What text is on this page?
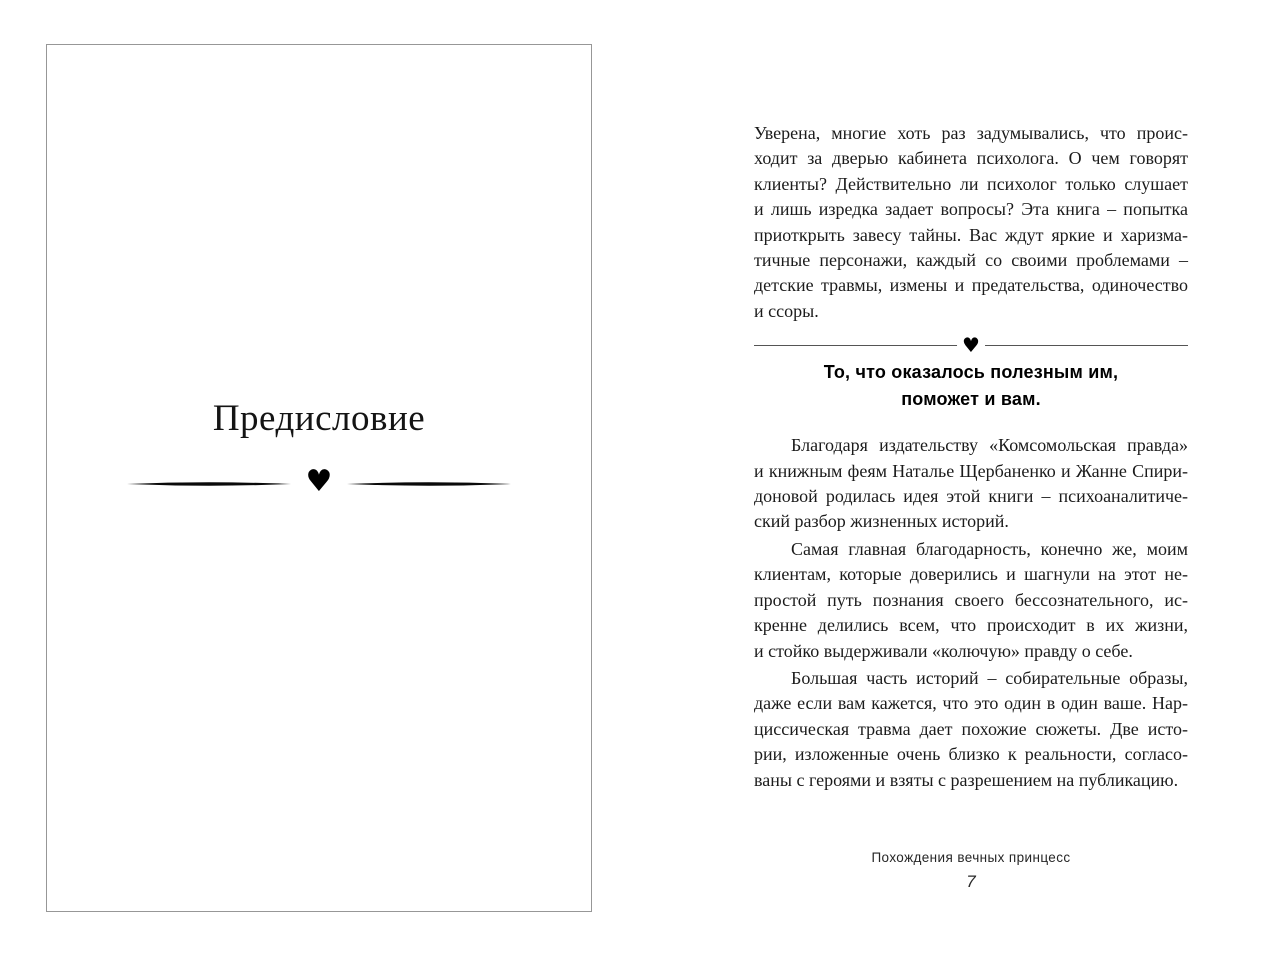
Предисловие
♥
Уверена, многие хоть раз задумывались, что проис-
ходит за дверью кабинета психолога. О чем говорят
клиенты? Действительно ли психолог только слушает
и лишь изредка задает вопросы? Эта книга – попытка
приоткрыть завесу тайны. Вас ждут яркие и харизма-
тичные персонажи, каждый со своими проблемами –
детские травмы, измены и предательства, одиночество
и ссоры.
♥
То, что оказалось полезным им,
поможет и вам.
Благодаря издательству «Комсомольская правда»
и книжным феям Наталье Щербаненко и Жанне Спири-
доновой родилась идея этой книги – психоаналитиче-
ский разбор жизненных историй.
Самая главная благодарность, конечно же, моим
клиентам, которые доверились и шагнули на этот не-
простой путь познания своего бессознательного, ис-
кренне делились всем, что происходит в их жизни,
и стойко выдерживали «колючую» правду о себе.
Большая часть историй – собирательные образы,
даже если вам кажется, что это один в один ваше. Нар-
циссическая травма дает похожие сюжеты. Две исто-
рии, изложенные очень близко к реальности, согласо-
ваны с героями и взяты с разрешением на публикацию.
Похождения вечных принцесс
7
